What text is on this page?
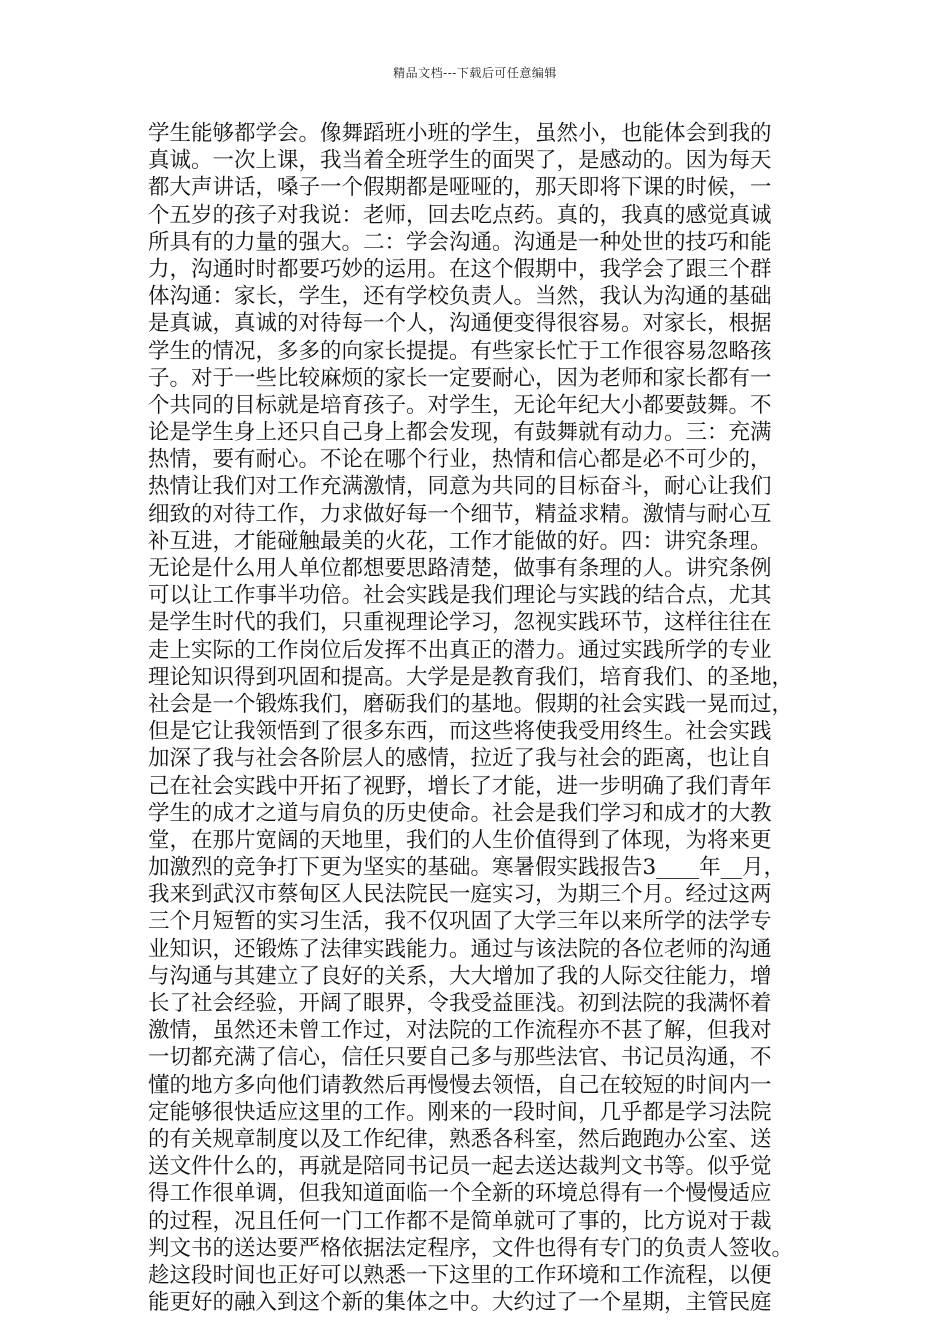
精品文档---下载后可任意编辑
学生能够都学会。像舞蹈班小班的学生，虽然小，也能体会到我的
真诚。一次上课，我当着全班学生的面哭了，是感动的。因为每天
都大声讲话，嗓子一个假期都是哑哑的，那天即将下课的时候，一
个五岁的孩子对我说：老师，回去吃点药。真的，我真的感觉真诚
所具有的力量的强大。二：学会沟通。沟通是一种处世的技巧和能
力，沟通时时都要巧妙的运用。在这个假期中，我学会了跟三个群
体沟通：家长，学生，还有学校负责人。当然，我认为沟通的基础
是真诚，真诚的对待每一个人，沟通便变得很容易。对家长，根据
学生的情况，多多的向家长提提。有些家长忙于工作很容易忽略孩
子。对于一些比较麻烦的家长一定要耐心，因为老师和家长都有一
个共同的目标就是培育孩子。对学生，无论年纪大小都要鼓舞。不
论是学生身上还只自己身上都会发现，有鼓舞就有动力。三：充满
热情，要有耐心。不论在哪个行业，热情和信心都是必不可少的，
热情让我们对工作充满激情，同意为共同的目标奋斗，耐心让我们
细致的对待工作，力求做好每一个细节，精益求精。激情与耐心互
补互进，才能碰触最美的火花，工作才能做的好。四：讲究条理。
无论是什么用人单位都想要思路清楚，做事有条理的人。讲究条例
可以让工作事半功倍。社会实践是我们理论与实践的结合点，尤其
是学生时代的我们，只重视理论学习，忽视实践环节，这样往往在
走上实际的工作岗位后发挥不出真正的潜力。通过实践所学的专业
理论知识得到巩固和提高。大学是是教育我们，培育我们、的圣地，
社会是一个锻炼我们，磨砺我们的基地。假期的社会实践一晃而过，
但是它让我领悟到了很多东西，而这些将使我受用终生。社会实践
加深了我与社会各阶层人的感情，拉近了我与社会的距离，也让自
己在社会实践中开拓了视野，增长了才能，进一步明确了我们青年
学生的成才之道与肩负的历史使命。社会是我们学习和成才的大教
堂，在那片宽阔的天地里，我们的人生价值得到了体现，为将来更
加激烈的竞争打下更为坚实的基础。寒暑假实践报告3____年__月，
我来到武汉市蔡甸区人民法院民一庭实习，为期三个月。经过这两
三个月短暂的实习生活，我不仅巩固了大学三年以来所学的法学专
业知识，还锻炼了法律实践能力。通过与该法院的各位老师的沟通
与沟通与其建立了良好的关系，大大增加了我的人际交往能力，增
长了社会经验，开阔了眼界，令我受益匪浅。初到法院的我满怀着
激情，虽然还未曾工作过，对法院的工作流程亦不甚了解，但我对
一切都充满了信心，信任只要自己多与那些法官、书记员沟通，不
懂的地方多向他们请教然后再慢慢去领悟，自己在较短的时间内一
定能够很快适应这里的工作。刚来的一段时间，几乎都是学习法院
的有关规章制度以及工作纪律，熟悉各科室，然后跑跑办公室、送
送文件什么的，再就是陪同书记员一起去送达裁判文书等。似乎觉
得工作很单调，但我知道面临一个全新的环境总得有一个慢慢适应
的过程，况且任何一门工作都不是简单就可了事的，比方说对于裁
判文书的送达要严格依据法定程序，文件也得有专门的负责人签收。
趁这段时间也正好可以熟悉一下这里的工作环境和工作流程，以便
能更好的融入到这个新的集体之中。大约过了一个星期，主管民庭
